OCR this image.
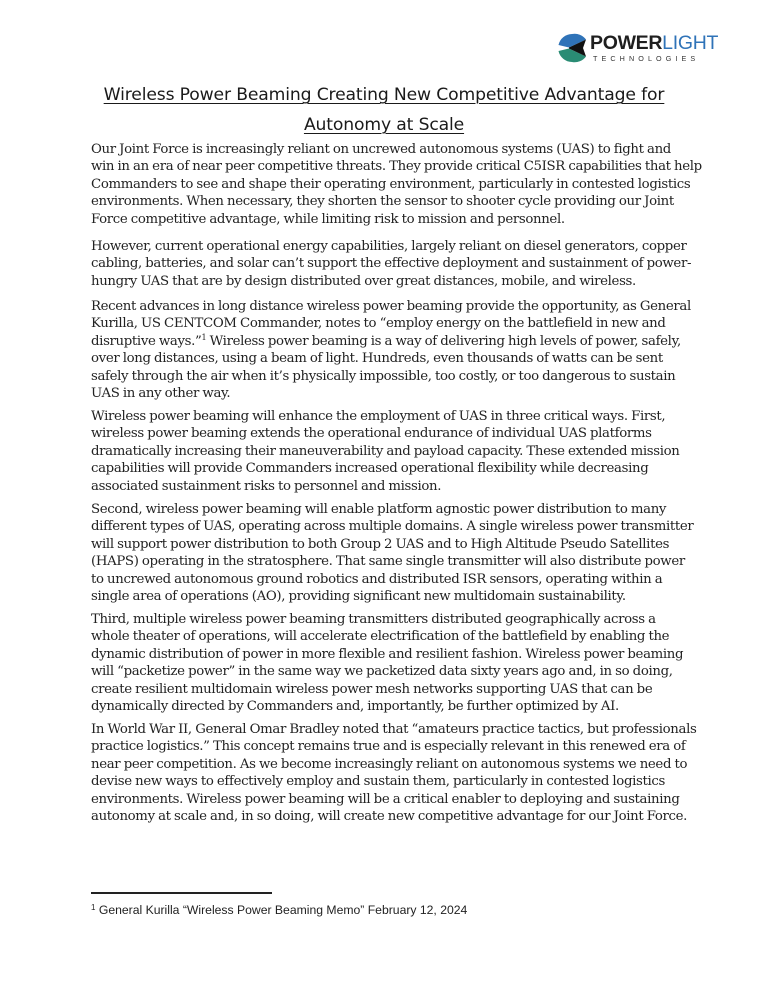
POWERLIGHT
TECHNOLOGIES
Wireless Power Beaming Creating New Competitive Advantage for
Autonomy at Scale
Our Joint Force is increasingly reliant on uncrewed autonomous systems (UAS) to fight and
win in an era of near peer competitive threats. They provide critical C5ISR capabilities that help
Commanders to see and shape their operating environment, particularly in contested logistics
environments. When necessary, they shorten the sensor to shooter cycle providing our Joint
Force competitive advantage, while limiting risk to mission and personnel.
However, current operational energy capabilities, largely reliant on diesel generators, copper
cabling, batteries, and solar can’t support the effective deployment and sustainment of power-
hungry UAS that are by design distributed over great distances, mobile, and wireless.
Recent advances in long distance wireless power beaming provide the opportunity, as General
Kurilla, US CENTCOM Commander, notes to “employ energy on the battlefield in new and
disruptive ways.”$^1$ Wireless power beaming is a way of delivering high levels of power, safely,
over long distances, using a beam of light. Hundreds, even thousands of watts can be sent
safely through the air when it’s physically impossible, too costly, or too dangerous to sustain
UAS in any other way.
Wireless power beaming will enhance the employment of UAS in three critical ways. First,
wireless power beaming extends the operational endurance of individual UAS platforms
dramatically increasing their maneuverability and payload capacity. These extended mission
capabilities will provide Commanders increased operational flexibility while decreasing
associated sustainment risks to personnel and mission.
Second, wireless power beaming will enable platform agnostic power distribution to many
different types of UAS, operating across multiple domains. A single wireless power transmitter
will support power distribution to both Group 2 UAS and to High Altitude Pseudo Satellites
(HAPS) operating in the stratosphere. That same single transmitter will also distribute power
to uncrewed autonomous ground robotics and distributed ISR sensors, operating within a
single area of operations (AO), providing significant new multidomain sustainability.
Third, multiple wireless power beaming transmitters distributed geographically across a
whole theater of operations, will accelerate electrification of the battlefield by enabling the
dynamic distribution of power in more flexible and resilient fashion. Wireless power beaming
will “packetize power” in the same way we packetized data sixty years ago and, in so doing,
create resilient multidomain wireless power mesh networks supporting UAS that can be
dynamically directed by Commanders and, importantly, be further optimized by AI.
In World War II, General Omar Bradley noted that “amateurs practice tactics, but professionals
practice logistics.” This concept remains true and is especially relevant in this renewed era of
near peer competition. As we become increasingly reliant on autonomous systems we need to
devise new ways to effectively employ and sustain them, particularly in contested logistics
environments. Wireless power beaming will be a critical enabler to deploying and sustaining
autonomy at scale and, in so doing, will create new competitive advantage for our Joint Force.
$^1$ General Kurilla “Wireless Power Beaming Memo” February 12, 2024
